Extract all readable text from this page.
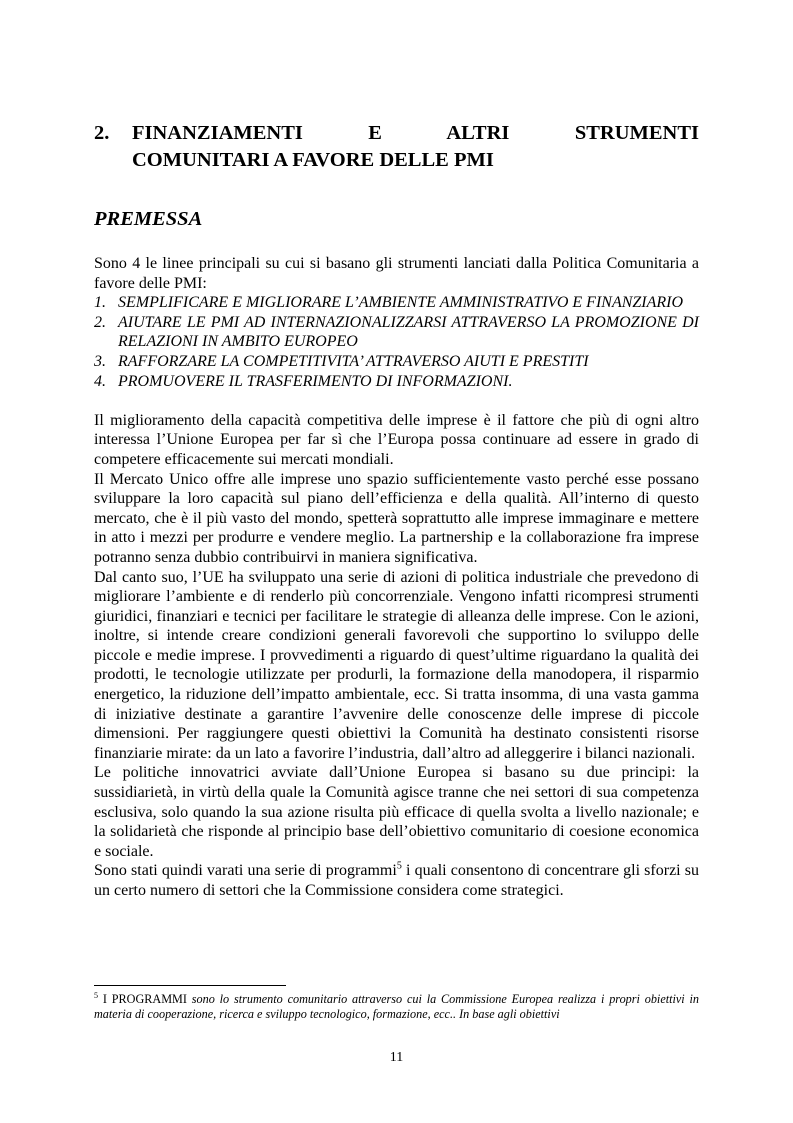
2.	FINANZIAMENTI E ALTRI STRUMENTI
COMUNITARI A FAVORE DELLE PMI
PREMESSA

Sono 4 le linee principali su cui si basano gli strumenti lanciati dalla Politica Comunitaria a favore delle PMI:

1. SEMPLIFICARE E MIGLIORARE L’AMBIENTE AMMINISTRATIVO E FINANZIARIO
2. AIUTARE LE PMI AD INTERNAZIONALIZZARSI ATTRAVERSO LA PROMOZIONE DI RELAZIONI IN AMBITO EUROPEO
3. RAFFORZARE LA COMPETITIVITA’ ATTRAVERSO AIUTI E PRESTITI
4. PROMUOVERE IL TRASFERIMENTO DI INFORMAZIONI.

Il miglioramento della capacità competitiva delle imprese è il fattore che più di ogni altro interessa l’Unione Europea per far sì che l’Europa possa continuare ad essere in grado di competere efficacemente sui mercati mondiali.

Il Mercato Unico offre alle imprese uno spazio sufficientemente vasto perché esse possano sviluppare la loro capacità sul piano dell’efficienza e della qualità. All’interno di questo mercato, che è il più vasto del mondo, spetterà soprattutto alle imprese immaginare e mettere in atto i mezzi per produrre e vendere meglio. La partnership e la collaborazione fra imprese potranno senza dubbio contribuirvi in maniera significativa.

Dal canto suo, l’UE ha sviluppato una serie di azioni di politica industriale che prevedono di migliorare l’ambiente e di renderlo più concorrenziale. Vengono infatti ricompresi strumenti giuridici, finanziari e tecnici per facilitare le strategie di alleanza delle imprese. Con le azioni, inoltre, si intende creare condizioni generali favorevoli che supportino lo sviluppo delle piccole e medie imprese. I provvedimenti a riguardo di quest’ultime riguardano la qualità dei prodotti, le tecnologie utilizzate per produrli, la formazione della manodopera, il risparmio energetico, la riduzione dell’impatto ambientale, ecc. Si tratta insomma, di una vasta gamma di iniziative destinate a garantire l’avvenire delle conoscenze delle imprese di piccole dimensioni. Per raggiungere questi obiettivi la Comunità ha destinato consistenti risorse finanziarie mirate: da un lato a favorire l’industria, dall’altro ad alleggerire i bilanci nazionali.

Le politiche innovatrici avviate dall’Unione Europea si basano su due principi: la sussidiarietà, in virtù della quale la Comunità agisce tranne che nei settori di sua competenza esclusiva, solo quando la sua azione risulta più efficace di quella svolta a livello nazionale; e la solidarietà che risponde al principio base dell’obiettivo comunitario di coesione economica e sociale.

Sono stati quindi varati una serie di programmi$^5$ i quali consentono di concentrare gli sforzi su un certo numero di settori che la Commissione considera come strategici.

$^5$ I PROGRAMMI sono lo strumento comunitario attraverso cui la Commissione Europea realizza i propri obiettivi in materia di cooperazione, ricerca e sviluppo tecnologico, formazione, ecc.. In base agli obiettivi
11
